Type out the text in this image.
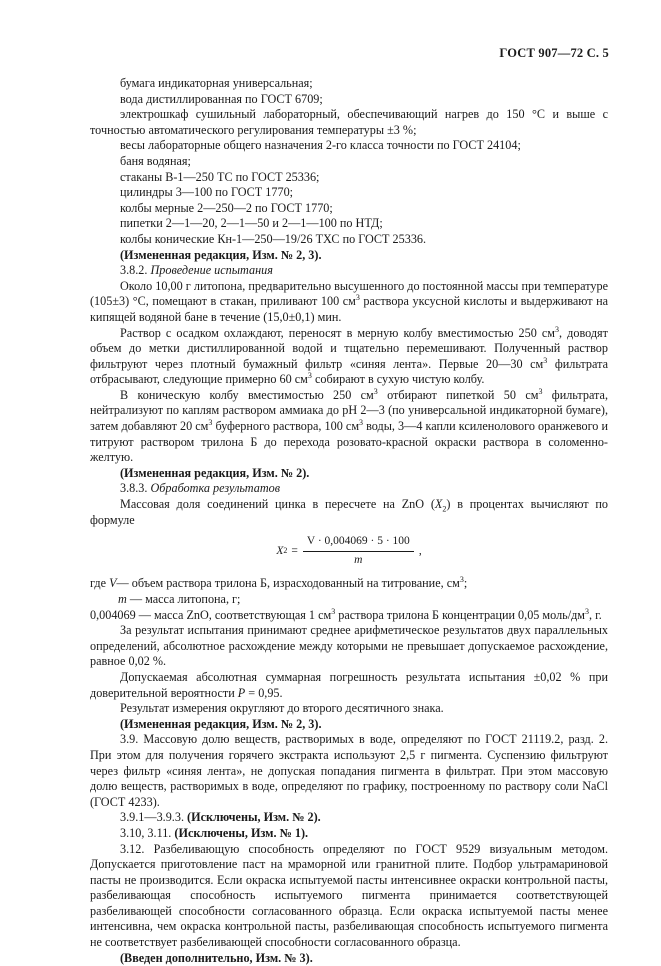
ГОСТ 907—72 С. 5

бумага индикаторная универсальная;

вода дистиллированная по ГОСТ 6709;

электрошкаф сушильный лабораторный, обеспечивающий нагрев до 150 °С и выше с точностью автоматического регулирования температуры ±3 %;

весы лабораторные общего назначения 2-го класса точности по ГОСТ 24104;

баня водяная;

стаканы В-1—250 ТС по ГОСТ 25336;

цилиндры 3—100 по ГОСТ 1770;

колбы мерные 2—250—2 по ГОСТ 1770;

пипетки 2—1—20, 2—1—50 и 2—1—100 по НТД;

колбы конические Кн-1—250—19/26 ТХС по ГОСТ 25336.

(Измененная редакция, Изм. № 2, 3).

3.8.2. Проведение испытания

Около 10,00 г литопона, предварительно высушенного до постоянной массы при температуре (105±3) °С, помещают в стакан, приливают 100 $см^3$ раствора уксусной кислоты и выдерживают на кипящей водяной бане в течение (15,0±0,1) мин.

Раствор с осадком охлаждают, переносят в мерную колбу вместимостью 250 $см^3$, доводят объем до метки дистиллированной водой и тщательно перемешивают. Полученный раствор фильтруют через плотный бумажный фильтр «синяя лента». Первые 20—30 $см^3$ фильтрата отбрасывают, следующие примерно 60 $см^3$ собирают в сухую чистую колбу.

В коническую колбу вместимостью 250 $см^3$ отбирают пипеткой 50 $см^3$ фильтрата, нейтрализуют по каплям раствором аммиака до рН 2—3 (по универсальной индикаторной бумаге), затем добавляют 20 $см^3$ буферного раствора, 100 $см^3$ воды, 3—4 капли ксиленолового оранжевого и титруют раствором трилона Б до перехода розовато-красной окраски раствора в соломенно-желтую.

(Измененная редакция, Изм. № 2).

3.8.3. Обработка результатов

Массовая доля соединений цинка в пересчете на ZnO $(X_2)$ в процентах вычисляют по формуле

X $2 = \frac{V \cdot 0,004069 \cdot 5 \cdot 100}{m}$ ,

где V— объем раствора трилона Б, израсходованный на титрование, $см^3$;

m — масса литопона, г;

0,004069 — масса ZnO, соответствующая 1 $см^3$ раствора трилона Б концентрации 0,05 моль/$дм^3$, г.

За результат испытания принимают среднее арифметическое результатов двух параллельных определений, абсолютное расхождение между которыми не превышает допускаемое расхождение, равное 0,02 %.

Допускаемая абсолютная суммарная погрешность результата испытания ±0,02 % при доверительной вероятности P = 0,95.

Результат измерения округляют до второго десятичного знака.

(Измененная редакция, Изм. № 2, 3).

3.9. Массовую долю веществ, растворимых в воде, определяют по ГОСТ 21119.2, разд. 2. При этом для получения горячего экстракта используют 2,5 г пигмента. Суспензию фильтруют через фильтр «синяя лента», не допуская попадания пигмента в фильтрат. При этом массовую долю веществ, растворимых в воде, определяют по графику, построенному по раствору соли NaCl (ГОСТ 4233).

3.9.1—3.9.3. (Исключены, Изм. № 2).

3.10, 3.11. (Исключены, Изм. № 1).

3.12. Разбеливающую способность определяют по ГОСТ 9529 визуальным методом. Допускается приготовление паст на мраморной или гранитной плите. Подбор ультрамариновой пасты не производится. Если окраска испытуемой пасты интенсивнее окраски контрольной пасты, разбеливающая способность испытуемого пигмента принимается соответствующей разбеливающей способности согласованного образца. Если окраска испытуемой пасты менее интенсивна, чем окраска контрольной пасты, разбеливающая способность испытуемого пигмента не соответствует разбеливающей способности согласованного образца.

(Введен дополнительно, Изм. № 3).
